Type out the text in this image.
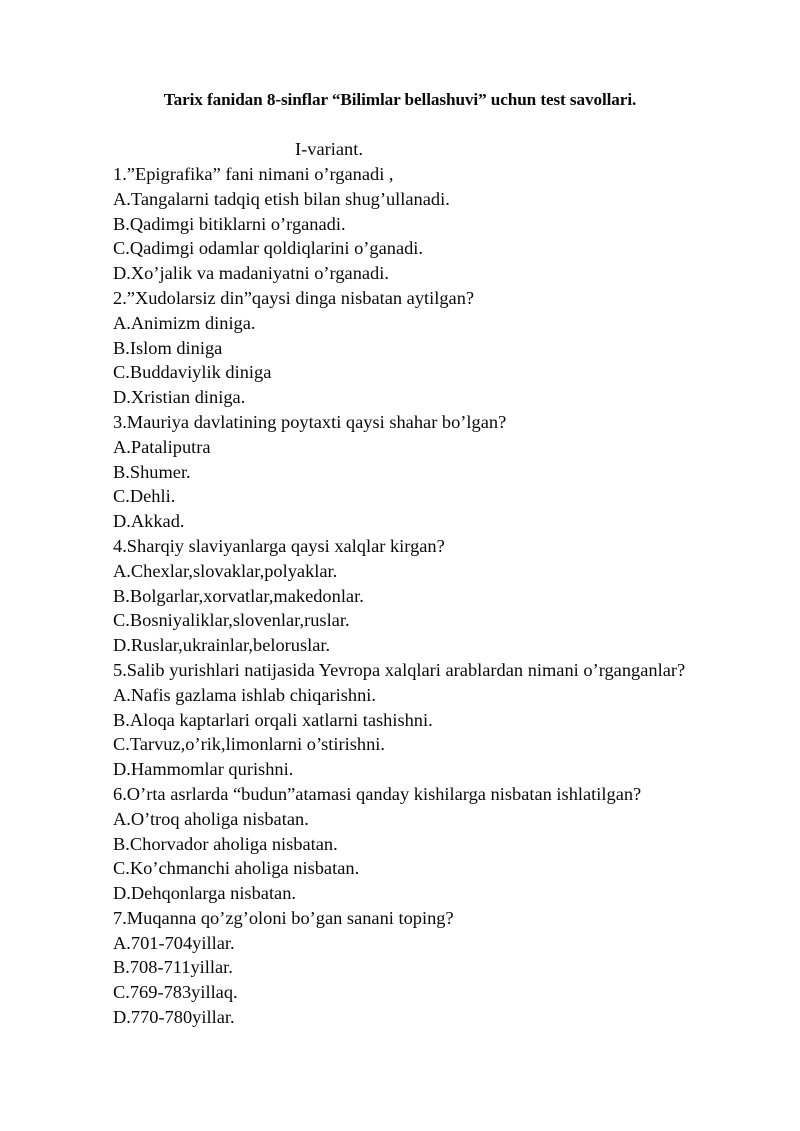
Tarix fanidan 8-sinflar “Bilimlar bellashuvi” uchun test savollari.
I-variant.
1.”Epigrafika” fani nimani o’rganadi ,
A.Tangalarni tadqiq etish bilan shug’ullanadi.
B.Qadimgi bitiklarni o’rganadi.
C.Qadimgi odamlar qoldiqlarini o’ganadi.
D.Xo’jalik va madaniyatni o’rganadi.
2.”Xudolarsiz din”qaysi dinga nisbatan aytilgan?
A.Animizm diniga.
B.Islom diniga
C.Buddaviylik diniga
D.Xristian diniga.
3.Mauriya davlatining poytaxti qaysi shahar bo’lgan?
A.Pataliputra
B.Shumer.
C.Dehli.
D.Akkad.
4.Sharqiy slaviyanlarga qaysi xalqlar kirgan?
A.Chexlar,slovaklar,polyaklar.
B.Bolgarlar,xorvatlar,makedonlar.
C.Bosniyaliklar,slovenlar,ruslar.
D.Ruslar,ukrainlar,beloruslar.
5.Salib yurishlari natijasida Yevropa xalqlari arablardan nimani o’rganganlar?
A.Nafis gazlama ishlab chiqarishni.
B.Aloqa kaptarlari orqali xatlarni tashishni.
C.Tarvuz,o’rik,limonlarni o’stirishni.
D.Hammomlar qurishni.
6.O’rta asrlarda “budun”atamasi qanday kishilarga nisbatan ishlatilgan?
A.O’troq aholiga nisbatan.
B.Chorvador aholiga nisbatan.
C.Ko’chmanchi aholiga nisbatan.
D.Dehqonlarga nisbatan.
7.Muqanna qo’zg’oloni bo’gan sanani toping?
A.701-704yillar.
B.708-711yillar.
C.769-783yillaq.
D.770-780yillar.
